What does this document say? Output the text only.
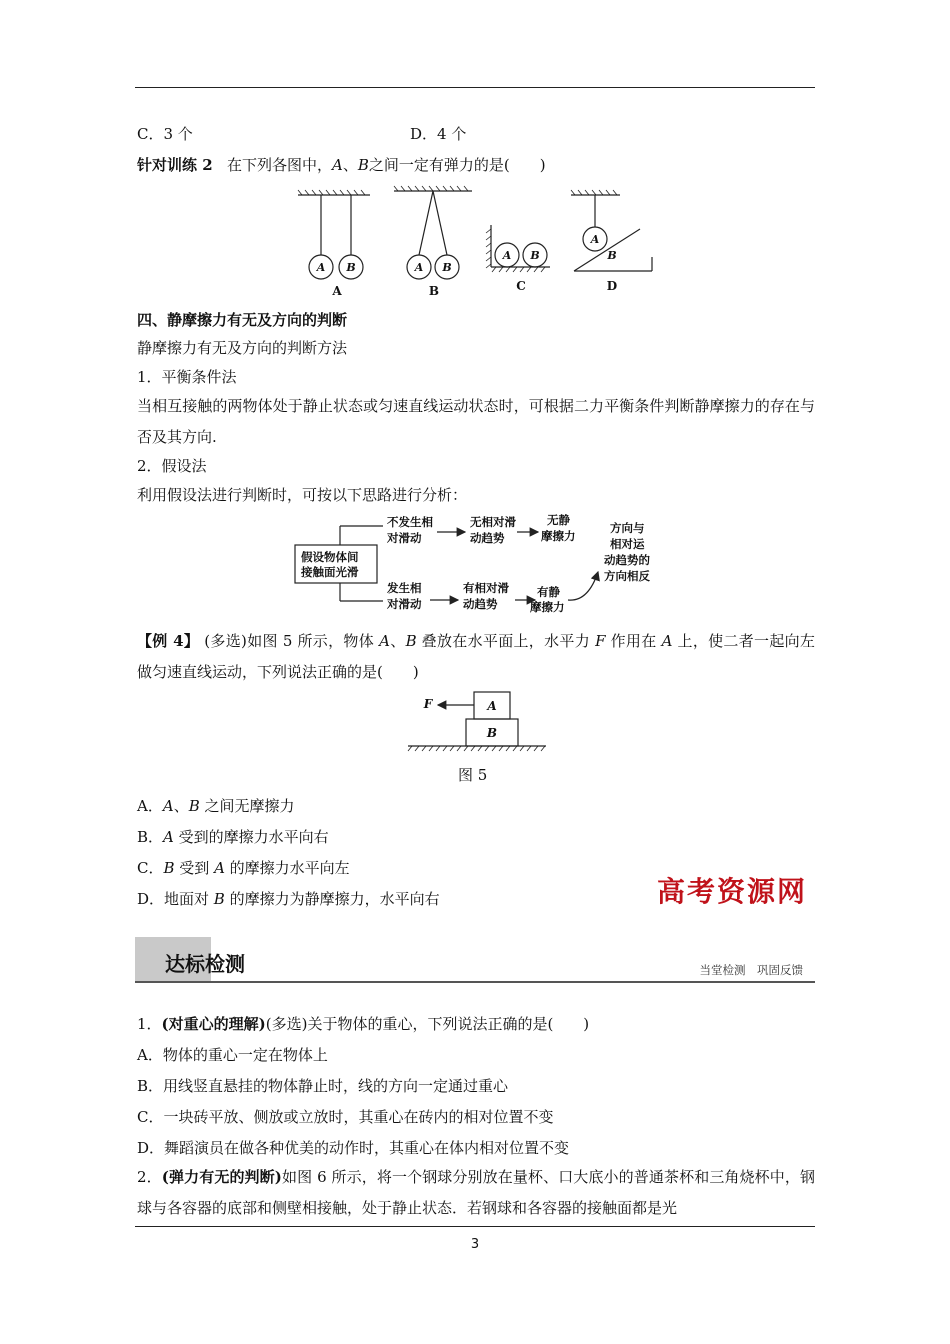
C．3 个	D．4 个
针对训练 2 在下列各图中，A、B之间一定有弹力的是(　　)
A B	A B
A B
A
B
A	B	C	D
四、静摩擦力有无及方向的判断
静摩擦力有无及方向的判断方法
1．平衡条件法
当相互接触的两物体处于静止状态或匀速直线运动状态时，可根据二力平衡条件判断静摩擦力的存在与否及其方向.
2．假设法
利用假设法进行判断时，可按以下思路进行分析：
假设物体间
接触面光滑
不发生相
对滑动
无相对滑
动趋势
无静
摩擦力
发生相
对滑动
有相对滑
动趋势
有静
摩擦力
方向与
相对运
动趋势的
方向相反
【例 4】 (多选)如图 5 所示，物体 A、B 叠放在水平面上，水平力 F 作用在 A 上，使二者一起向左做匀速直线运动，下列说法正确的是(　　)
F	A
B
图 5
A．A、B 之间无摩擦力
B．A 受到的摩擦力水平向右
C．B 受到 A 的摩擦力水平向左
D．地面对 B 的摩擦力为静摩擦力，水平向右	高考资源网
达标检测	当堂检测　巩固反馈
1．(对重心的理解)(多选)关于物体的重心，下列说法正确的是(　　)
A．物体的重心一定在物体上
B．用线竖直悬挂的物体静止时，线的方向一定通过重心
C．一块砖平放、侧放或立放时，其重心在砖内的相对位置不变
D．舞蹈演员在做各种优美的动作时，其重心在体内相对位置不变
2．(弹力有无的判断)如图 6 所示，将一个钢球分别放在量杯、口大底小的普通茶杯和三角烧杯中，钢球与各容器的底部和侧壁相接触，处于静止状态．若钢球和各容器的接触面都是光
3
